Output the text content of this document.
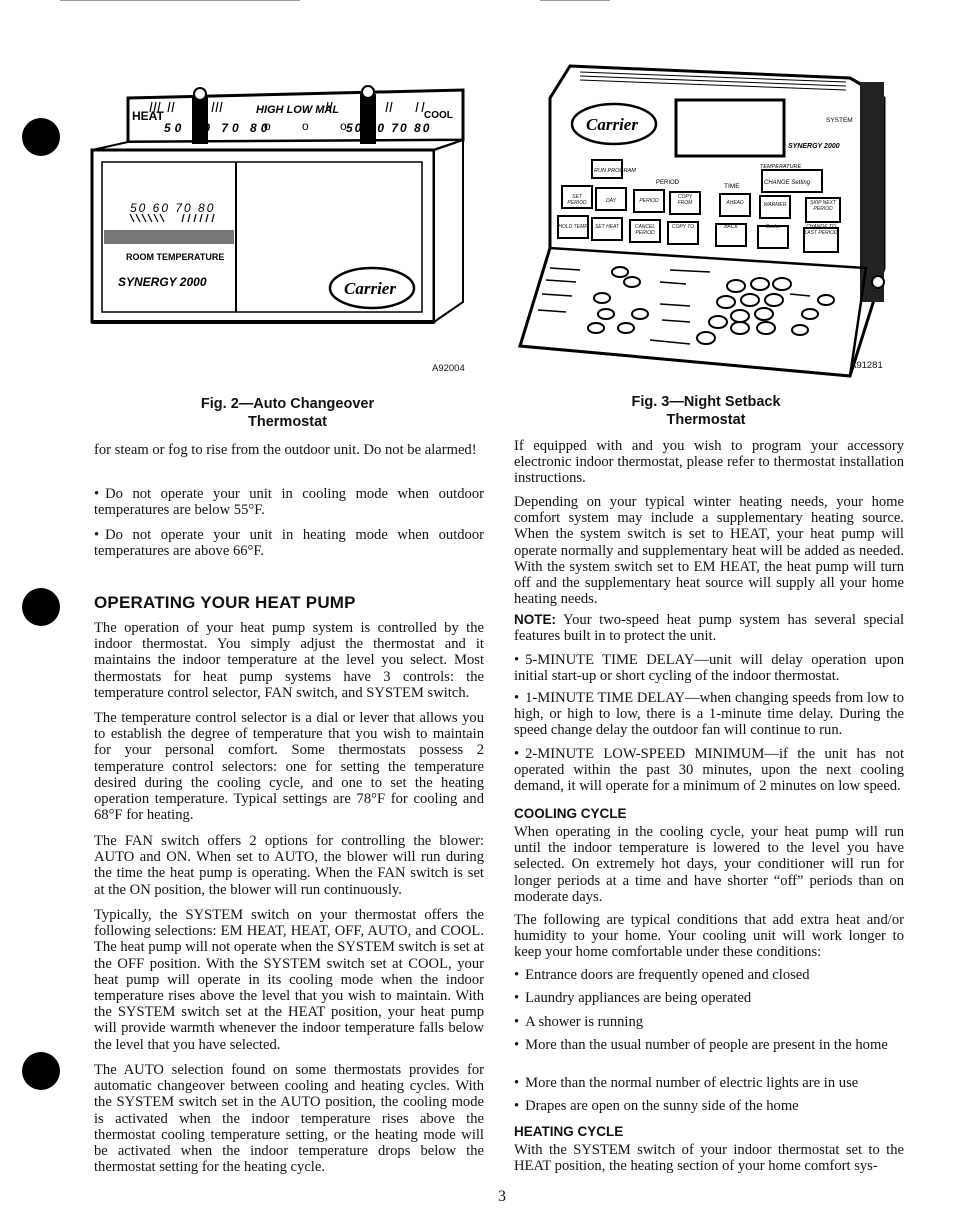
HEAT	HIGH LOW MAL	COOL
50 60 70 80
o o o
50 60 70 80
50 60 70 80
ROOM TEMPERATURE
SYNERGY 2000	Carrier
A92004
Fig. 2—Auto Changeover
Thermostat
Carrier	SYSTEM
SYNERGY 2000
RUN PROGRAM
TEMPERATURE
CHANGE Setting
PERIOD	TIME
SET PERIOD	DAY	PERIOD
COPY FROM	AHEAD	WARMER	SKIP NEXT PERIOD
HOLD TEMP	SET HEAT	CANCEL PERIOD
COPY TO	BACK	Cooler	CHANGE TO LAST PERIOD
A91281
Fig. 3—Night Setback
Thermostat

for steam or fog to rise from the outdoor unit. Do not be alarmed!

• Do not operate your unit in cooling mode when outdoor temperatures are below 55°F.

• Do not operate your unit in heating mode when outdoor temperatures are above 66°F.

OPERATING YOUR HEAT PUMP

The operation of your heat pump system is controlled by the indoor thermostat. You simply adjust the thermostat and it maintains the indoor temperature at the level you select. Most thermostats for heat pump systems have 3 controls: the temperature control selector, FAN switch, and SYSTEM switch.

The temperature control selector is a dial or lever that allows you to establish the degree of temperature that you wish to maintain for your personal comfort. Some thermostats possess 2 temperature control selectors: one for setting the temperature desired during the cooling cycle, and one to set the heating operation temperature. Typical settings are 78°F for cooling and 68°F for heating.

The FAN switch offers 2 options for controlling the blower: AUTO and ON. When set to AUTO, the blower will run during the time the heat pump is operating. When the FAN switch is set at the ON position, the blower will run continuously.

Typically, the SYSTEM switch on your thermostat offers the following selections: EM HEAT, HEAT, OFF, AUTO, and COOL. The heat pump will not operate when the SYSTEM switch is set at the OFF position. With the SYSTEM switch set at COOL, your heat pump will operate in its cooling mode when the indoor temperature rises above the level that you wish to maintain. With the SYSTEM switch set at the HEAT position, your heat pump will provide warmth whenever the indoor temperature falls below the level that you have selected.

The AUTO selection found on some thermostats provides for automatic changeover between cooling and heating cycles. With the SYSTEM switch set in the AUTO position, the cooling mode is activated when the indoor temperature rises above the thermostat cooling temperature setting, or the heating mode will be activated when the indoor temperature drops below the thermostat setting for the heating cycle.

If equipped with and you wish to program your accessory electronic indoor thermostat, please refer to thermostat installation instructions.

Depending on your typical winter heating needs, your home comfort system may include a supplementary heating source. When the system switch is set to HEAT, your heat pump will operate normally and supplementary heat will be added as needed. With the system switch set to EM HEAT, the heat pump will turn off and the supplementary heat source will supply all your home heating needs.

NOTE: Your two-speed heat pump system has several special features built in to protect the unit.

• 5-MINUTE TIME DELAY—unit will delay operation upon initial start-up or short cycling of the indoor thermostat.

• 1-MINUTE TIME DELAY—when changing speeds from low to high, or high to low, there is a 1-minute time delay. During the speed change delay the outdoor fan will continue to run.

• 2-MINUTE LOW-SPEED MINIMUM—if the unit has not operated within the past 30 minutes, upon the next cooling demand, it will operate for a minimum of 2 minutes on low speed.

COOLING CYCLE

When operating in the cooling cycle, your heat pump will run until the indoor temperature is lowered to the level you have selected. On extremely hot days, your conditioner will run for longer periods at a time and have shorter “off” periods than on moderate days.

The following are typical conditions that add extra heat and/or humidity to your home. Your cooling unit will work longer to keep your home comfortable under these conditions:

• Entrance doors are frequently opened and closed

• Laundry appliances are being operated

• A shower is running

• More than the usual number of people are present in the home

• More than the normal number of electric lights are in use

• Drapes are open on the sunny side of the home

HEATING CYCLE

With the SYSTEM switch of your indoor thermostat set to the HEAT position, the heating section of your home comfort sys-

3
